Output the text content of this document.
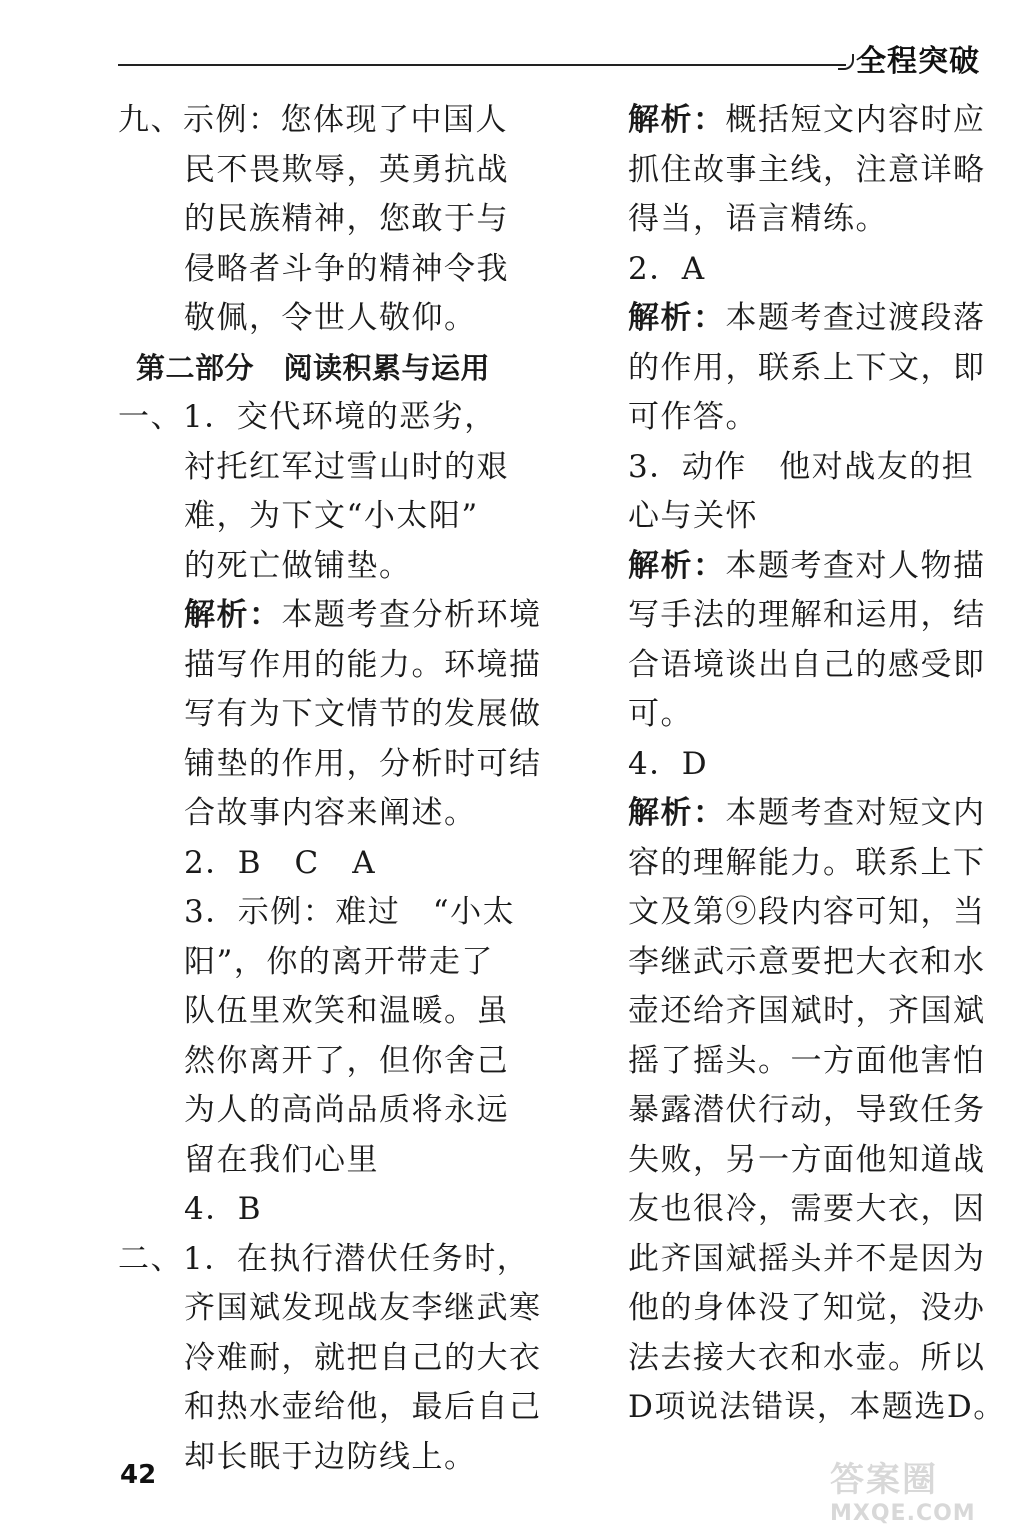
全程突破
九、示例：您体现了中国人
民不畏欺辱，英勇抗战
的民族精神，您敢于与
侵略者斗争的精神令我
敬佩，令世人敬仰。
第二部分　阅读积累与运用
一、1．交代环境的恶劣，
衬托红军过雪山时的艰
难，为下文“小太阳”
的死亡做铺垫。
解析：本题考查分析环境
描写作用的能力。环境描
写有为下文情节的发展做
铺垫的作用，分析时可结
合故事内容来阐述。
2．B　C　A
3．示例：难过　“小太
阳”，你的离开带走了
队伍里欢笑和温暖。虽
然你离开了，但你舍己
为人的高尚品质将永远
留在我们心里
4．B
二、1．在执行潜伏任务时，
齐国斌发现战友李继武寒
冷难耐，就把自己的大衣
和热水壶给他，最后自己
却长眠于边防线上。
解析：概括短文内容时应
抓住故事主线，注意详略
得当，语言精练。
2．A
解析：本题考查过渡段落
的作用，联系上下文，即
可作答。
3．动作　他对战友的担
心与关怀
解析：本题考查对人物描
写手法的理解和运用，结
合语境谈出自己的感受即
可。
4．D
解析：本题考查对短文内
容的理解能力。联系上下
文及第⑨段内容可知，当
李继武示意要把大衣和水
壶还给齐国斌时，齐国斌
摇了摇头。一方面他害怕
暴露潜伏行动，导致任务
失败，另一方面他知道战
友也很冷，需要大衣，因
此齐国斌摇头并不是因为
他的身体没了知觉，没办
法去接大衣和水壶。所以
D项说法错误，本题选D。
42	答案圈
MXQE.COM
